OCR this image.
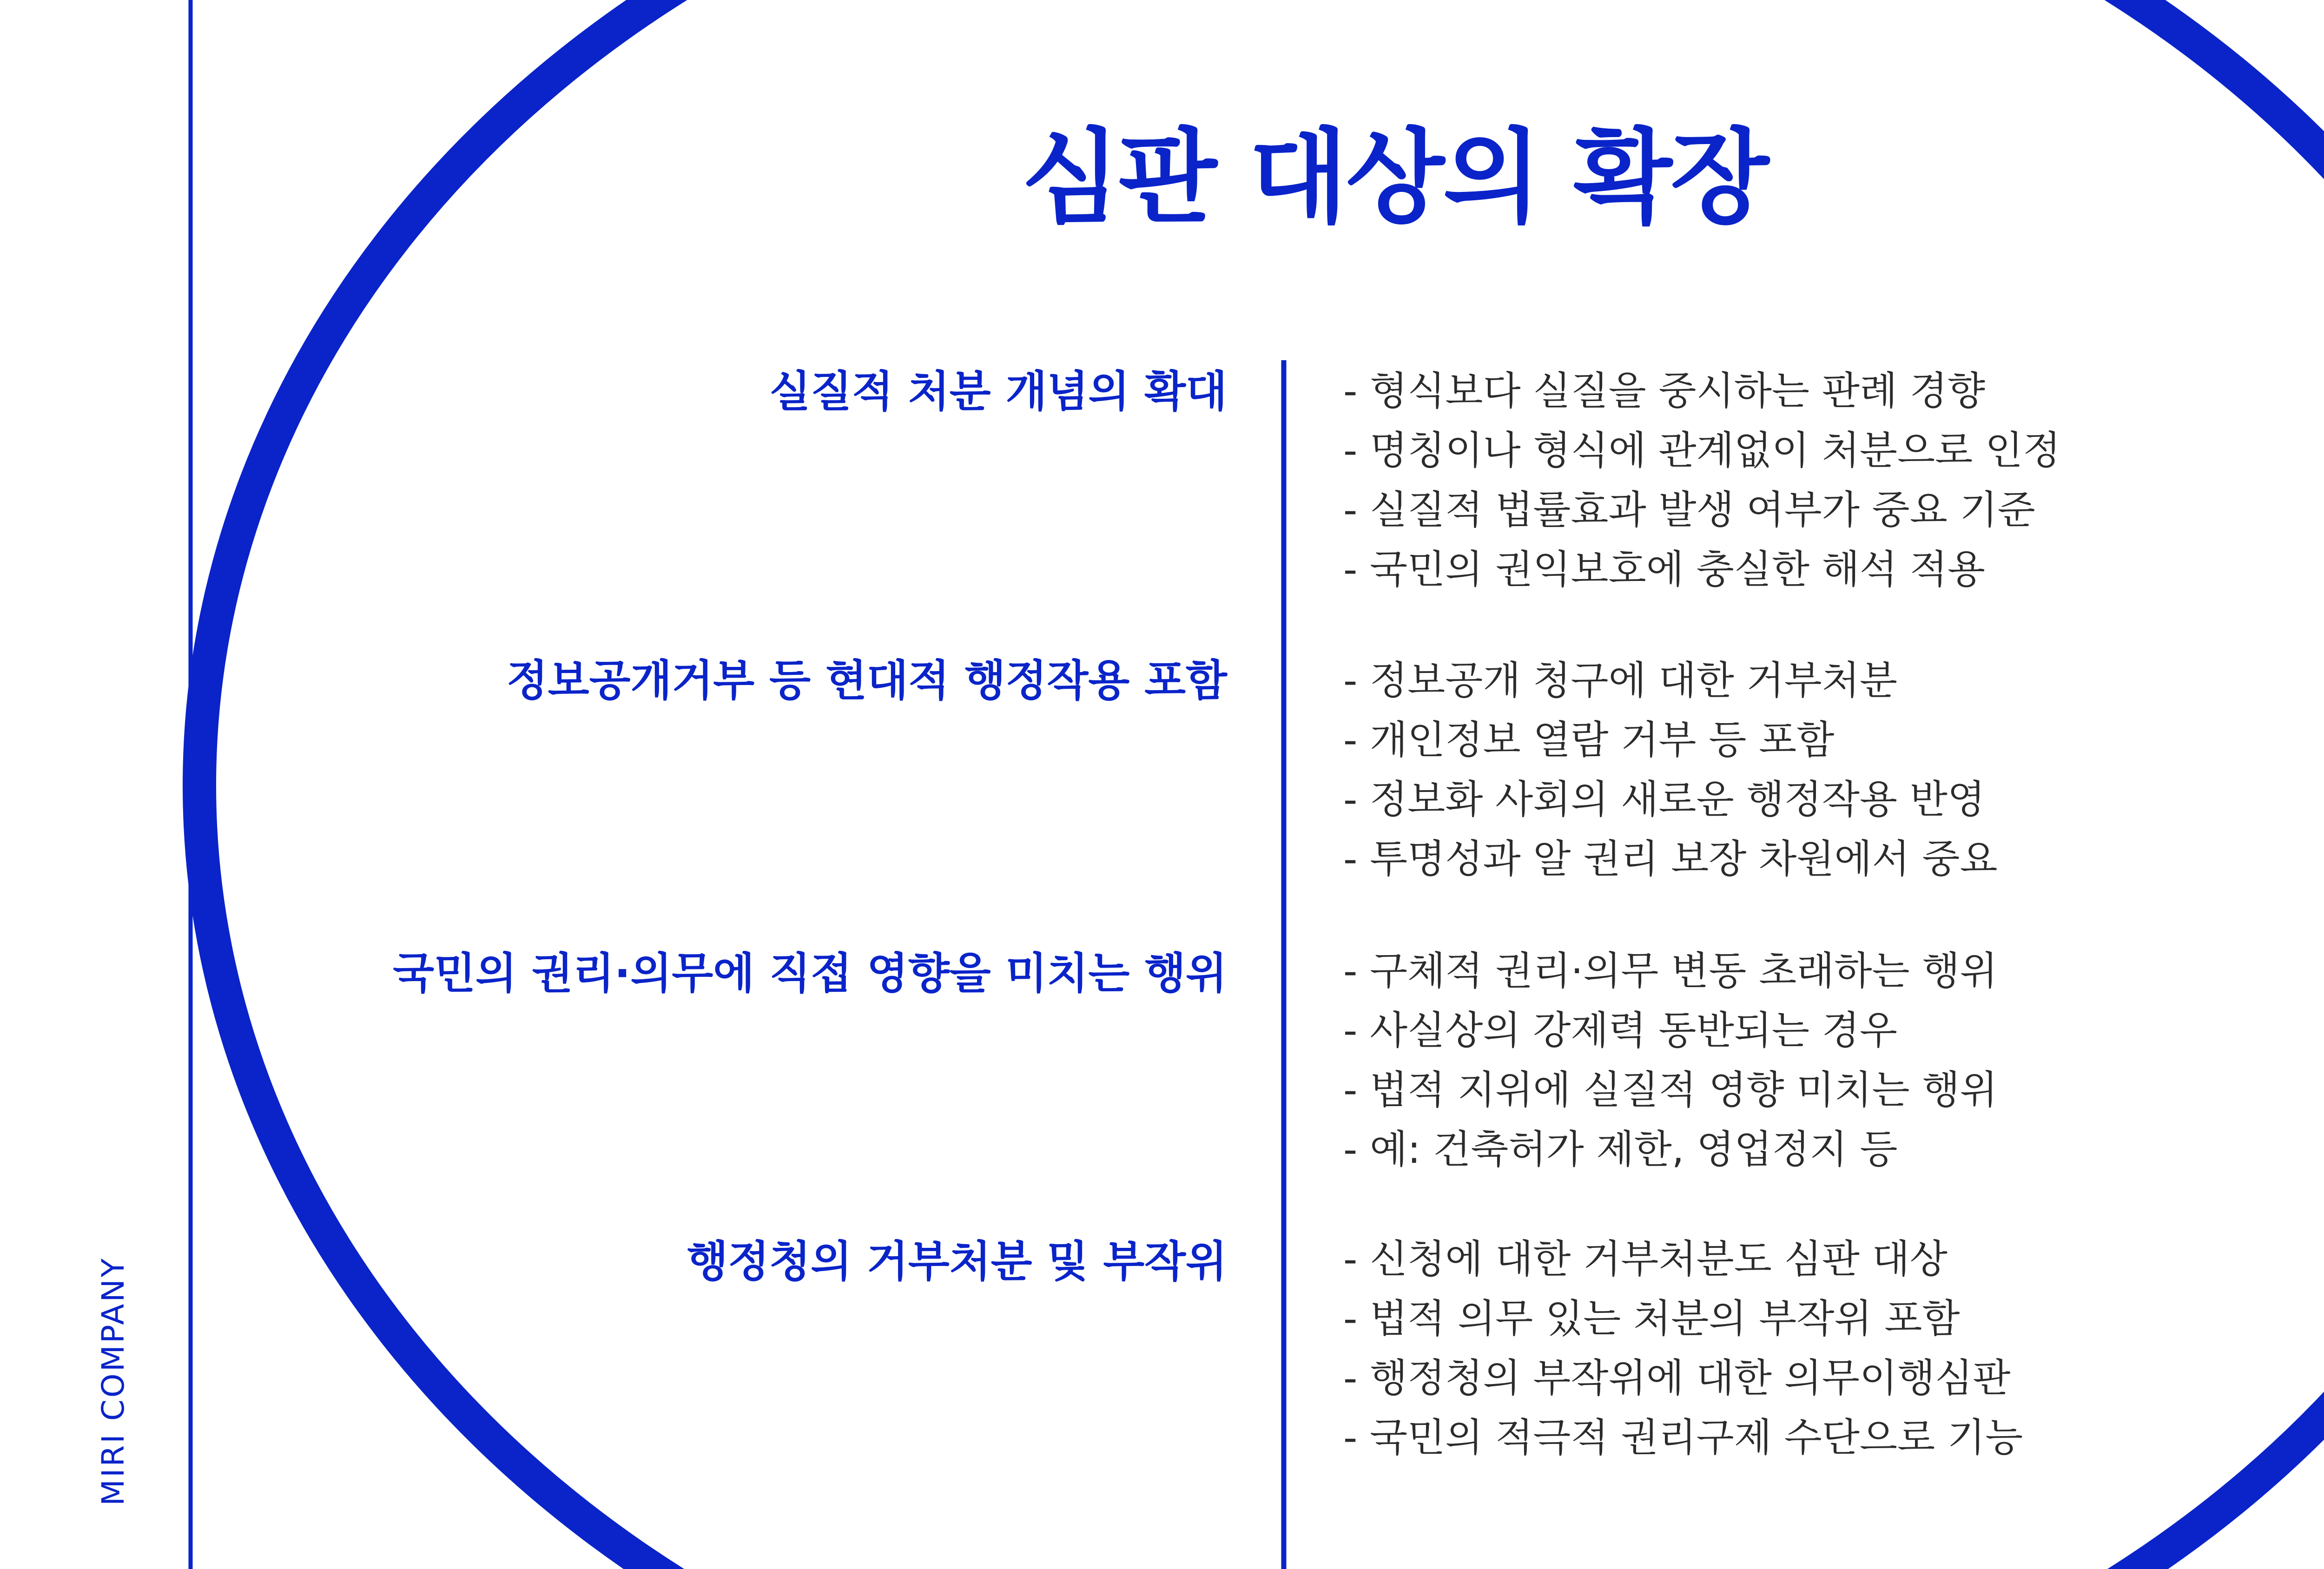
심판 대상의 확장
MIRI COMPANY
실질적 처분 개념의 확대	- 형식보다 실질을 중시하는 판례 경향
- 명칭이나 형식에 관계없이 처분으로 인정
- 실질적 법률효과 발생 여부가 중요 기준
- 국민의 권익보호에 충실한 해석 적용
정보공개거부 등 현대적 행정작용 포함	- 정보공개 청구에 대한 거부처분
- 개인정보 열람 거부 등 포함
- 정보화 사회의 새로운 행정작용 반영
- 투명성과 알 권리 보장 차원에서 중요
국민의 권리·의무에 직접 영향을 미치는 행위	- 구체적 권리·의무 변동 초래하는 행위
- 사실상의 강제력 동반되는 경우
- 법적 지위에 실질적 영향 미치는 행위
- 예: 건축허가 제한, 영업정지 등
행정청의 거부처분 및 부작위	- 신청에 대한 거부처분도 심판 대상
- 법적 의무 있는 처분의 부작위 포함
- 행정청의 부작위에 대한 의무이행심판
- 국민의 적극적 권리구제 수단으로 기능
